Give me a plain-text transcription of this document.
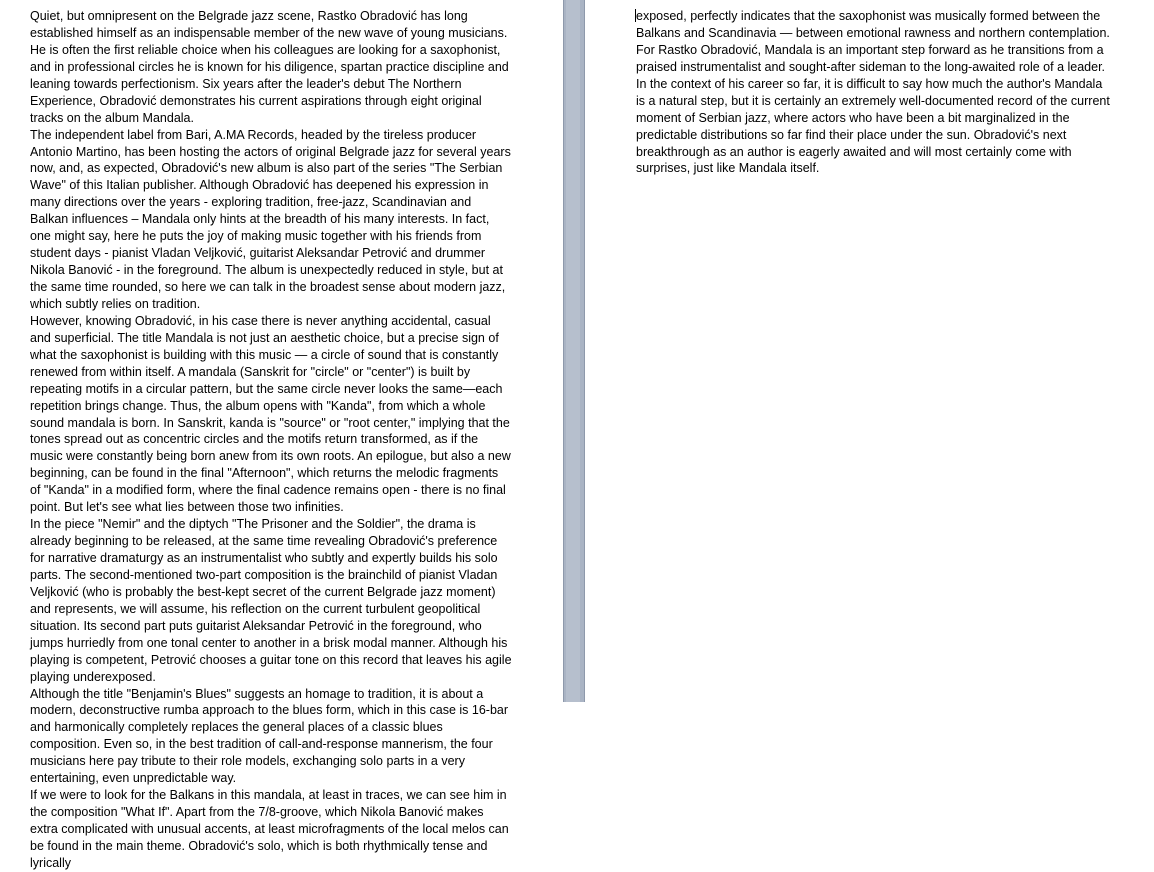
Quiet, but omnipresent on the Belgrade jazz scene, Rastko Obradović has long established himself as an indispensable member of the new wave of young musicians. He is often the first reliable choice when his colleagues are looking for a saxophonist, and in professional circles he is known for his diligence, spartan practice discipline and leaning towards perfectionism. Six years after the leader's debut The Northern Experience, Obradović demonstrates his current aspirations through eight original tracks on the album Mandala.

The independent label from Bari, A.MA Records, headed by the tireless producer Antonio Martino, has been hosting the actors of original Belgrade jazz for several years now, and, as expected, Obradović's new album is also part of the series "The Serbian Wave" of this Italian publisher. Although Obradović has deepened his expression in many directions over the years - exploring tradition, free-jazz, Scandinavian and Balkan influences – Mandala only hints at the breadth of his many interests. In fact, one might say, here he puts the joy of making music together with his friends from student days - pianist Vladan Veljković, guitarist Aleksandar Petrović and drummer Nikola Banović - in the foreground. The album is unexpectedly reduced in style, but at the same time rounded, so here we can talk in the broadest sense about modern jazz, which subtly relies on tradition.

However, knowing Obradović, in his case there is never anything accidental, casual and superficial. The title Mandala is not just an aesthetic choice, but a precise sign of what the saxophonist is building with this music — a circle of sound that is constantly renewed from within itself. A mandala (Sanskrit for "circle" or "center") is built by repeating motifs in a circular pattern, but the same circle never looks the same—each repetition brings change. Thus, the album opens with "Kanda", from which a whole sound mandala is born. In Sanskrit, kanda is "source" or "root center," implying that the tones spread out as concentric circles and the motifs return transformed, as if the music were constantly being born anew from its own roots. An epilogue, but also a new beginning, can be found in the final "Afternoon", which returns the melodic fragments of "Kanda" in a modified form, where the final cadence remains open - there is no final point. But let's see what lies between those two infinities.

In the piece "Nemir" and the diptych "The Prisoner and the Soldier", the drama is already beginning to be released, at the same time revealing Obradović's preference for narrative dramaturgy as an instrumentalist who subtly and expertly builds his solo parts. The second-mentioned two-part composition is the brainchild of pianist Vladan Veljković (who is probably the best-kept secret of the current Belgrade jazz moment) and represents, we will assume, his reflection on the current turbulent geopolitical situation. Its second part puts guitarist Aleksandar Petrović in the foreground, who jumps hurriedly from one tonal center to another in a brisk modal manner. Although his playing is competent, Petrović chooses a guitar tone on this record that leaves his agile playing underexposed.

Although the title "Benjamin's Blues" suggests an homage to tradition, it is about a modern, deconstructive rumba approach to the blues form, which in this case is 16-bar and harmonically completely replaces the general places of a classic blues composition. Even so, in the best tradition of call-and-response mannerism, the four musicians here pay tribute to their role models, exchanging solo parts in a very entertaining, even unpredictable way.

If we were to look for the Balkans in this mandala, at least in traces, we can see him in the composition "What If". Apart from the 7/8-groove, which Nikola Banović makes extra complicated with unusual accents, at least microfragments of the local melos can be found in the main theme. Obradović's solo, which is both rhythmically tense and lyrically

exposed, perfectly indicates that the saxophonist was musically formed between the Balkans and Scandinavia — between emotional rawness and northern contemplation.

For Rastko Obradović, Mandala is an important step forward as he transitions from a praised instrumentalist and sought-after sideman to the long-awaited role of a leader. In the context of his career so far, it is difficult to say how much the author's Mandala is a natural step, but it is certainly an extremely well-documented record of the current moment of Serbian jazz, where actors who have been a bit marginalized in the predictable distributions so far find their place under the sun. Obradović's next breakthrough as an author is eagerly awaited and will most certainly come with surprises, just like Mandala itself.
